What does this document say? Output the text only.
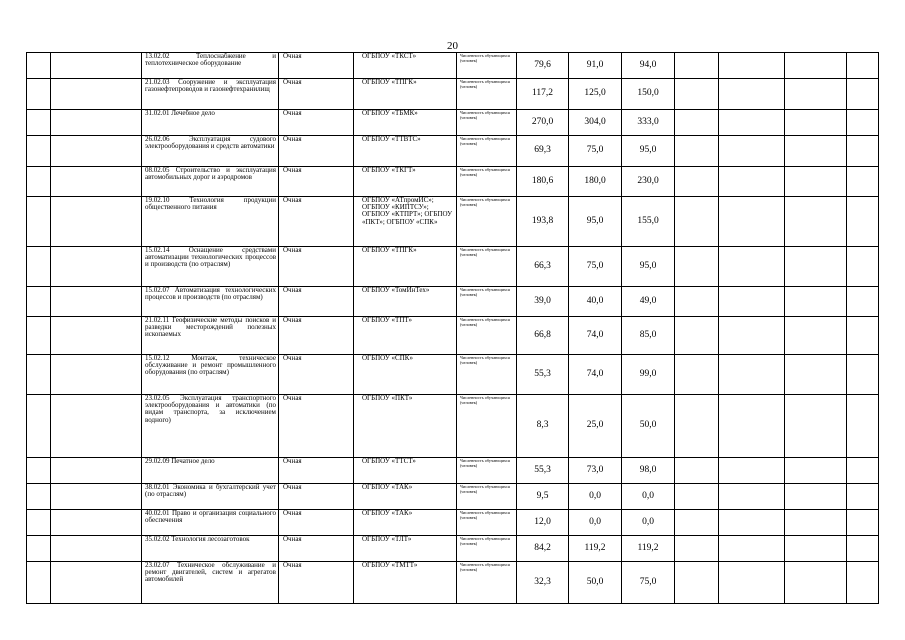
20
		13.02.02 Теплоснабжение и теплотехническое оборудование	Очная	ОГБПОУ «ТКСТ»	Численность обучающихся (человек)	79,6	91,0	94,0				
		21.02.03 Сооружение и эксплуатация газонефтепроводов и газонефтехранилищ	Очная	ОГБПОУ «ТПГК»	Численность обучающихся (человек)	117,2	125,0	150,0				
		31.02.01 Лечебное дело	Очная	ОГБПОУ «ТБМК»	Численность обучающихся (человек)	270,0	304,0	333,0				
		26.02.06 Эксплуатация судового электрооборудования и средств автоматики	Очная	ОГБПОУ «ТТВТС»	Численность обучающихся (человек)	69,3	75,0	95,0				
		08.02.05 Строительство и эксплуатация автомобильных дорог и аэродромов	Очная	ОГБПОУ «ТКГТ»	Численность обучающихся (человек)	180,6	180,0	230,0				
		19.02.10 Технология продукции общественного питания	Очная	ОГБПОУ «АТпромИС»; ОГБПОУ «КИПТСУ»; ОГБПОУ «КТПРТ»; ОГБПОУ «ПКТ»; ОГБПОУ «СПК»	Численность обучающихся (человек)	193,8	95,0	155,0				
		15.02.14 Оснащение средствами автоматизации технологических процессов и производств (по отраслям)	Очная	ОГБПОУ «ТПГК»	Численность обучающихся (человек)	66,3	75,0	95,0				
		15.02.07 Автоматизация технологических процессов и производств (по отраслям)	Очная	ОГБПОУ «ТомИнТех»	Численность обучающихся (человек)	39,0	40,0	49,0				
		21.02.11 Геофизические методы поисков и разведки месторождений полезных ископаемых	Очная	ОГБПОУ «ТПТ»	Численность обучающихся (человек)	66,8	74,0	85,0				
		15.02.12 Монтаж, техническое обслуживание и ремонт промышленного оборудования (по отраслям)	Очная	ОГБПОУ «СПК»	Численность обучающихся (человек)	55,3	74,0	99,0				
		23.02.05 Эксплуатация транспортного электрооборудования и автоматики (по видам транспорта, за исключением водного)	Очная	ОГБПОУ «ПКТ»	Численность обучающихся (человек)	8,3	25,0	50,0				
		29.02.09 Печатное дело	Очная	ОГБПОУ «ТТСТ»	Численность обучающихся (человек)	55,3	73,0	98,0				
		38.02.01 Экономика и бухгалтерский учет (по отраслям)	Очная	ОГБПОУ «ТАК»	Численность обучающихся (человек)	9,5	0,0	0,0				
		40.02.01 Право и организация социального обеспечения	Очная	ОГБПОУ «ТАК»	Численность обучающихся (человек)	12,0	0,0	0,0				
		35.02.02 Технология лесозаготовок	Очная	ОГБПОУ «ТЛТ»	Численность обучающихся (человек)	84,2	119,2	119,2				
		23.02.07 Техническое обслуживание и ремонт двигателей, систем и агрегатов автомобилей	Очная	ОГБПОУ «ТМТТ»	Численность обучающихся (человек)	32,3	50,0	75,0				
